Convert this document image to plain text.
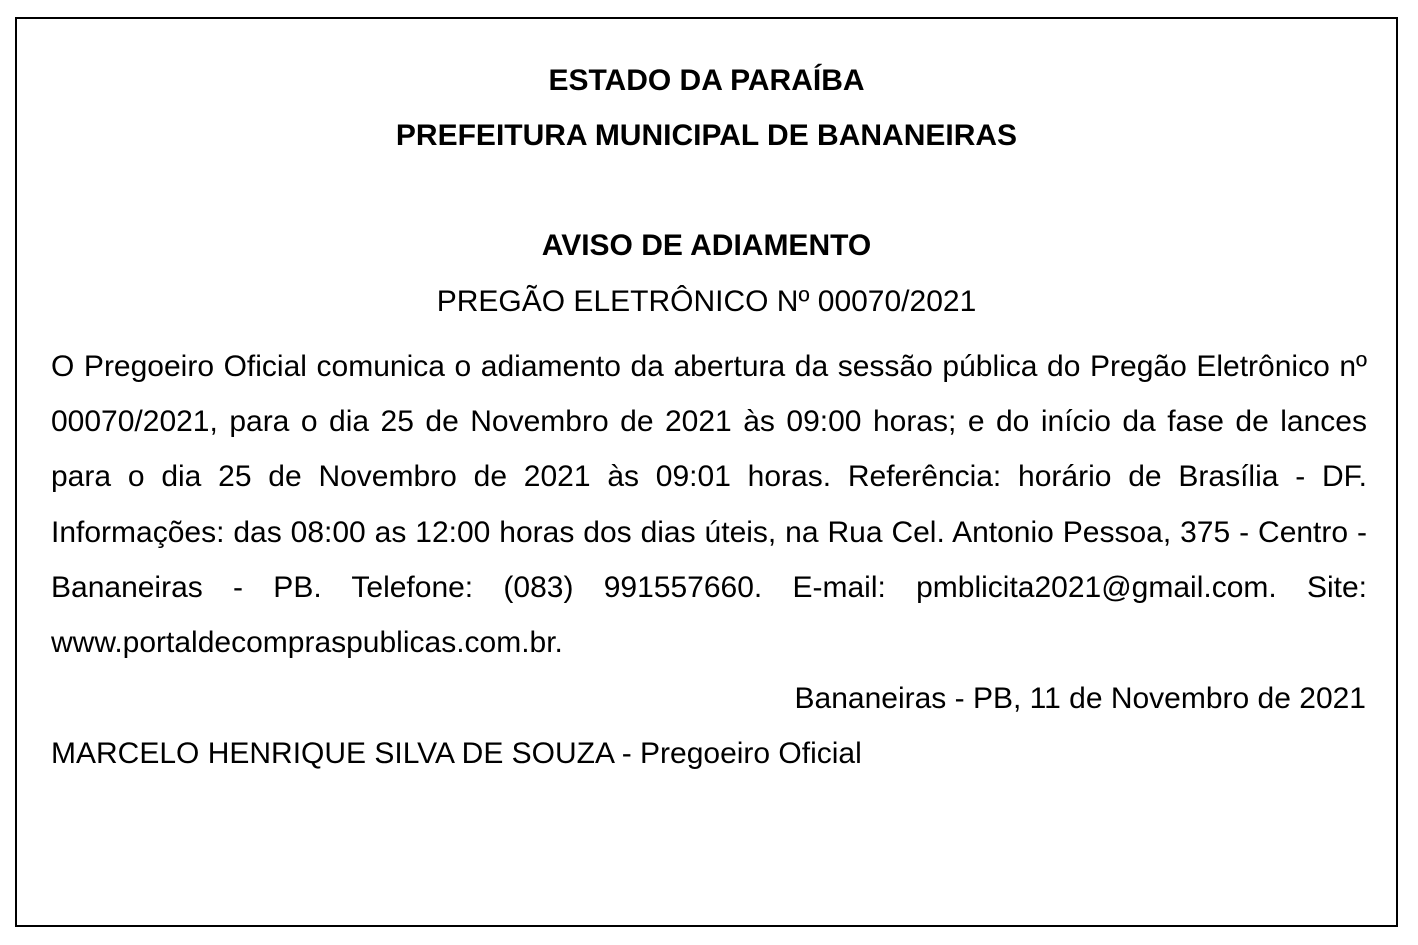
ESTADO DA PARAÍBA
PREFEITURA MUNICIPAL DE BANANEIRAS
AVISO DE ADIAMENTO
PREGÃO ELETRÔNICO Nº 00070/2021

O Pregoeiro Oficial comunica o adiamento da abertura da sessão pública do Pregão Eletrônico nº 00070/2021, para o dia 25 de Novembro de 2021 às 09:00 horas; e do início da fase de lances para o dia 25 de Novembro de 2021 às 09:01 horas. Referência: horário de Brasília - DF. Informações: das 08:00 as 12:00 horas dos dias úteis, na Rua Cel. Antonio Pessoa, 375 - Centro - Bananeiras - PB. Telefone: (083) 991557660. E-mail: pmblicita2021@gmail.com. Site: www.portaldecompraspublicas.com.br.

Bananeiras - PB, 11 de Novembro de 2021
MARCELO HENRIQUE SILVA DE SOUZA - Pregoeiro Oficial
